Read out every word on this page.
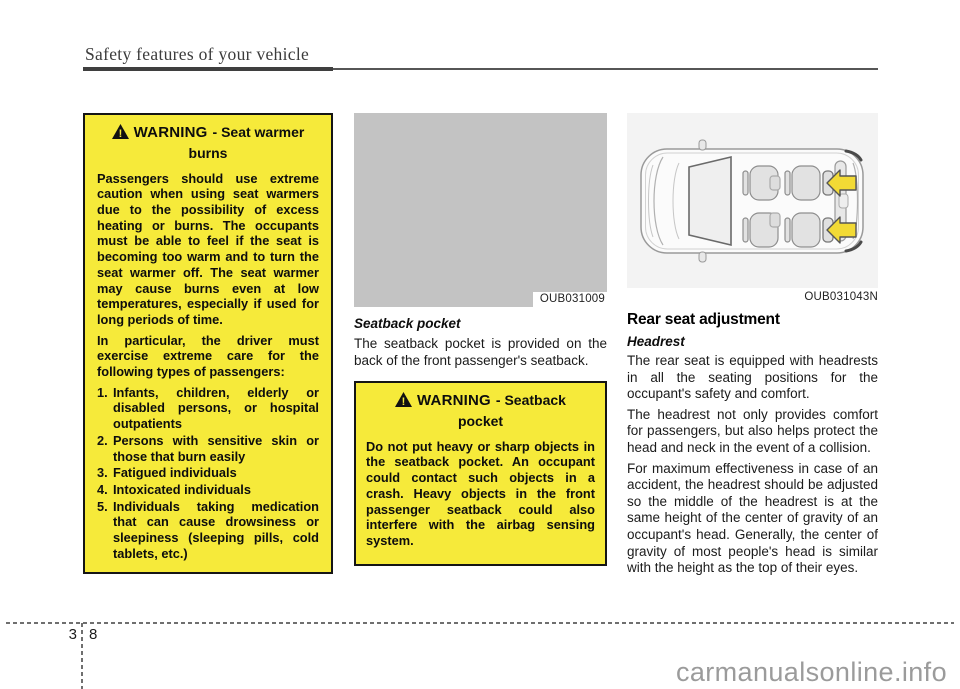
Safety features of your vehicle
! WARNING - Seat warmer burns

Passengers should use extreme caution when using seat warmers due to the possibility of excess heating or burns. The occupants must be able to feel if the seat is becoming too warm and to turn the seat warmer off. The seat warmer may cause burns even at low temperatures, especially if used for long periods of time.

In particular, the driver must exercise extreme care for the following types of passengers:

1. Infants, children, elderly or disabled persons, or hospital outpatients
2. Persons with sensitive skin or those that burn easily
3. Fatigued individuals
4. Intoxicated individuals
5. Individuals taking medication that can cause drowsiness or sleepiness (sleeping pills, cold tablets, etc.)
OUB031009
Seatback pocket
The seatback pocket is provided on the back of the front passenger's seatback.
! WARNING - Seatback pocket

Do not put heavy or sharp objects in the seatback pocket. An occupant could contact such objects in a crash. Heavy objects in the front passenger seatback could also interfere with the airbag sensing system.

OUB031043N
Rear seat adjustment
Headrest
The rear seat is equipped with headrests in all the seating positions for the occupant's safety and comfort.
The headrest not only provides comfort for passengers, but also helps protect the head and neck in the event of a collision.
For maximum effectiveness in case of an accident, the headrest should be adjusted so the middle of the headrest is at the same height of the center of gravity of an occupant's head. Generally, the center of gravity of most people's head is similar with the height as the top of their eyes.
3 8
carmanualsonline.info
